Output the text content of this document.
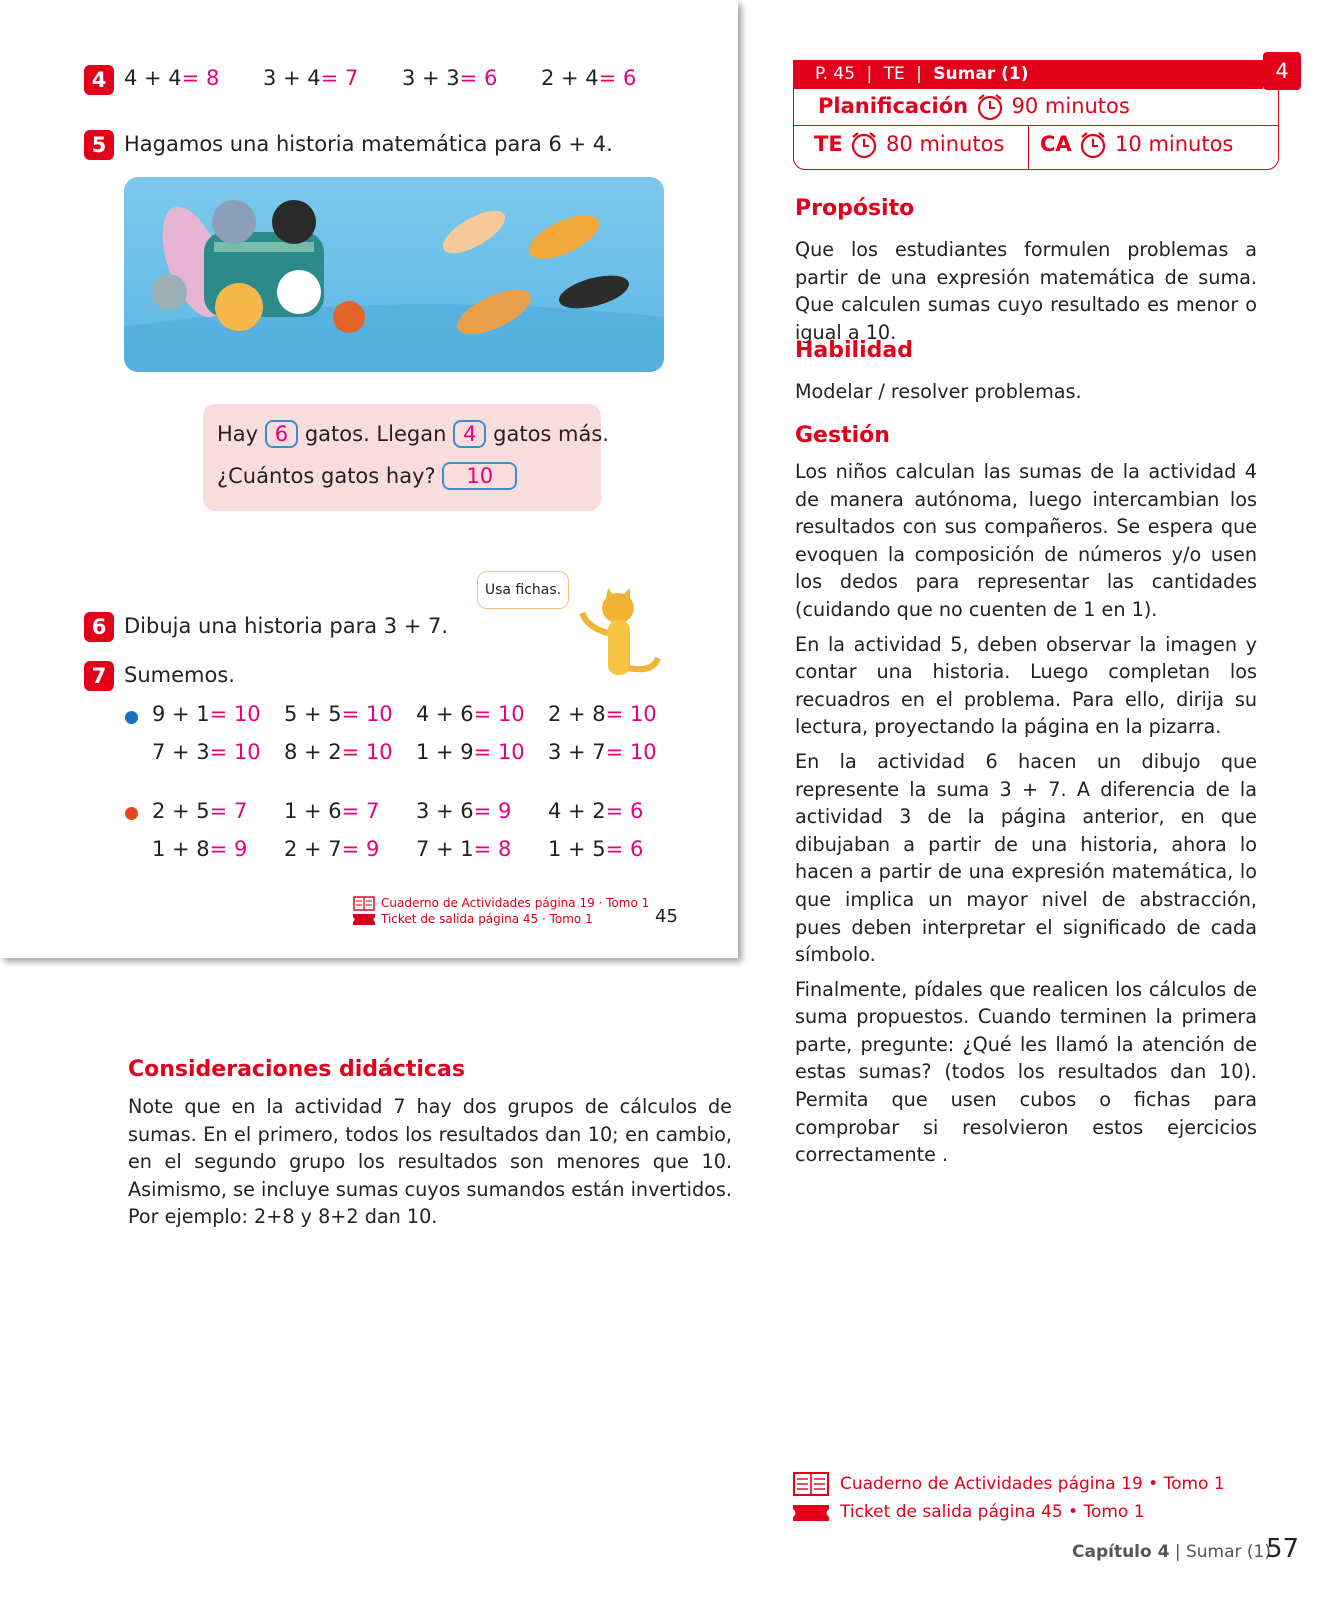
4 4 + 4= 8 3 + 4= 7 3 + 3= 6 2 + 4= 6
5 Hagamos una historia matemática para 6 + 4.
Hay 6 gatos. Llegan 4 gatos más.
¿Cuántos gatos hay? 10
Usa fichas.
6 Dibuja una historia para 3 + 7.
7 Sumemos.
9 + 1= 10 5 + 5= 10 4 + 6= 10 2 + 8= 10
7 + 3= 10 8 + 2= 10 1 + 9= 10 3 + 7= 10
2 + 5= 7 1 + 6= 7 3 + 6= 9 4 + 2= 6
1 + 8= 9 2 + 7= 9 7 + 1= 8 1 + 5= 6
Cuaderno de Actividades página 19 · Tomo 1
Ticket de salida página 45 · Tomo 1	45
Consideraciones didácticas
Note que en la actividad 7 hay dos grupos de cálculos de sumas. En el primero, todos los resultados dan 10; en cambio, en el segundo grupo los resultados son menores que 10. Asimismo, se incluye sumas cuyos sumandos están invertidos. Por ejemplo: 2+8 y 8+2 dan 10.
P. 45 | TE | Sumar (1)	4
Planificación 90 minutos
TE 80 minutos CA 10 minutos
Propósito
Que los estudiantes formulen problemas a partir de una expresión matemática de suma. Que calculen sumas cuyo resultado es menor o igual a 10.
Habilidad
Modelar / resolver problemas.
Gestión

Los niños calculan las sumas de la actividad 4 de manera autónoma, luego intercambian los resultados con sus compañeros. Se espera que evoquen la composición de números y/o usen los dedos para representar las cantidades (cuidando que no cuenten de 1 en 1).

En la actividad 5, deben observar la imagen y contar una historia. Luego completan los recuadros en el problema. Para ello, dirija su lectura, proyectando la página en la pizarra.

En la actividad 6 hacen un dibujo que represente la suma 3 + 7. A diferencia de la actividad 3 de la página anterior, en que dibujaban a partir de una historia, ahora lo hacen a partir de una expresión matemática, lo que implica un mayor nivel de abstracción, pues deben interpretar el significado de cada símbolo.

Finalmente, pídales que realicen los cálculos de suma propuestos. Cuando terminen la primera parte, pregunte: ¿Qué les llamó la atención de estas sumas? (todos los resultados dan 10). Permita que usen cubos o fichas para comprobar si resolvieron estos ejercicios correctamente .

Cuaderno de Actividades página 19 • Tomo 1
Ticket de salida página 45 • Tomo 1
Capítulo 4 | Sumar (1)
57
